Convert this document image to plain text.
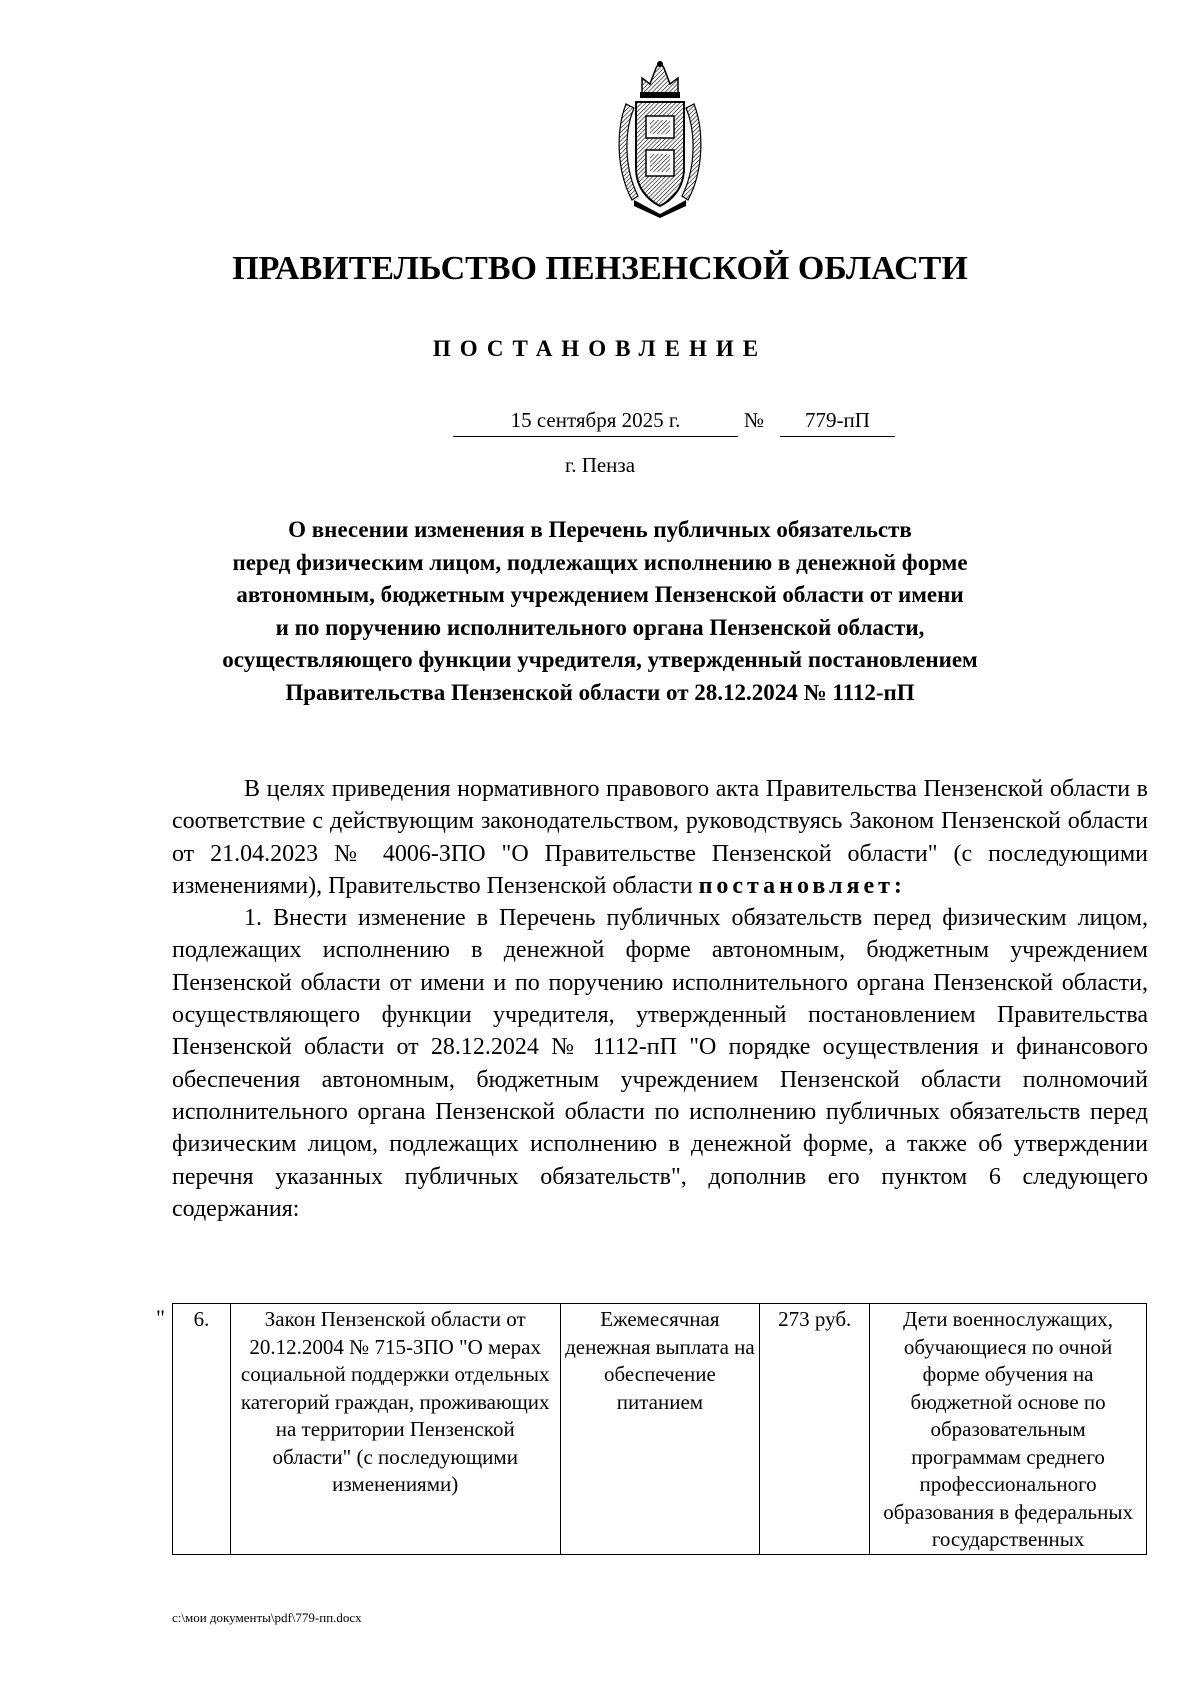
ПРАВИТЕЛЬСТВО ПЕНЗЕНСКОЙ ОБЛАСТИ
ПОСТАНОВЛЕНИЕ
15 сентября 2025 г.	№	779-пП
г. Пенза
О внесении изменения в Перечень публичных обязательств
перед физическим лицом, подлежащих исполнению в денежной форме
автономным, бюджетным учреждением Пензенской области от имени
и по поручению исполнительного органа Пензенской области,
осуществляющего функции учредителя, утвержденный постановлением
Правительства Пензенской области от 28.12.2024 № 1112-пП

В целях приведения нормативного правового акта Правительства Пензенской области в соответствие с действующим законодательством, руководствуясь Законом Пензенской области от 21.04.2023 № 4006-ЗПО "О Правительстве Пензенской области" (с последующими изменениями), Правительство Пензенской области постановляет:

1. Внести изменение в Перечень публичных обязательств перед физическим лицом, подлежащих исполнению в денежной форме автономным, бюджетным учреждением Пензенской области от имени и по поручению исполнительного органа Пензенской области, осуществляющего функции учредителя, утвержденный постановлением Правительства Пензенской области от 28.12.2024 № 1112-пП "О порядке осуществления и финансового обеспечения автономным, бюджетным учреждением Пензенской области полномочий исполнительного органа Пензенской области по исполнению публичных обязательств перед физическим лицом, подлежащих исполнению в денежной форме, а также об утверждении перечня указанных публичных обязательств", дополнив его пунктом 6 следующего содержания:

" 6.	Закон Пензенской области от 20.12.2004 № 715-ЗПО "О мерах социальной поддержки отдельных категорий граждан, проживающих на территории Пензенской области" (с последующими изменениями)	Ежемесячная денежная выплата на обеспечение питанием	273 руб.	Дети военнослужащих, обучающиеся по очной форме обучения на бюджетной основе по образовательным программам среднего профессионального образования в федеральных государственных
c:\мои документы\pdf\779-пп.docx
